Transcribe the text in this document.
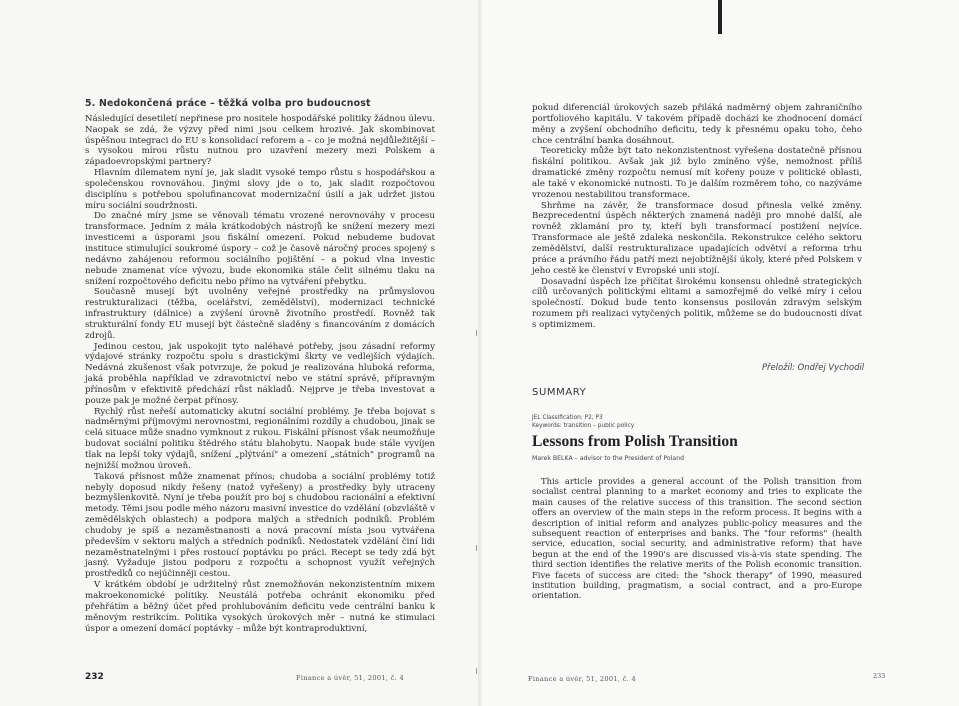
5. Nedokončená práce – těžká volba pro budoucnost

Následující desetiletí nepřinese pro nositele hospodářské politiky žádnou úlevu. Naopak se zdá, že výzvy před nimi jsou celkem hrozivé. Jak skombinovat úspěšnou integraci do EU s konsolidací reforem a – co je možná nejdůležitější – s vysokou mírou růstu nutnou pro uzavření mezery mezi Polskem a západoevropskými partnery?

Hlavním dilematem nyní je, jak sladit vysoké tempo růstu s hospodářskou a společenskou rovnováhou. Jinými slovy jde o to, jak sladit rozpočtovou disciplínu s potřebou spolufinancovat modernizační úsilí a jak udržet jistou míru sociální soudržnosti.

Do značné míry jsme se věnovali tématu vrozené nerovnováhy v procesu transformace. Jedním z mála krátkodobých nástrojů ke snížení mezery mezi investicemi a úsporami jsou fiskální omezení. Pokud nebudeme budovat instituce stimulující soukromé úspory – což je časově náročný proces spojený s nedávno zahájenou reformou sociálního pojištění – a pokud vlna investic nebude znamenat více vývozu, bude ekonomika stále čelit silnému tlaku na snížení rozpočtového deficitu nebo přímo na vytváření přebytku.

Současně musejí být uvolněny veřejné prostředky na průmyslovou restrukturalizaci (těžba, ocelářství, zemědělství), modernizaci technické infrastruktury (dálnice) a zvýšení úrovně životního prostředí. Rovněž tak strukturální fondy EU musejí být částečně sladěny s financováním z domácích zdrojů.

Jedinou cestou, jak uspokojit tyto naléhavé potřeby, jsou zásadní reformy výdajové stránky rozpočtu spolu s drastickými škrty ve vedlejších výdajích. Nedávná zkušenost však potvrzuje, že pokud je realizována hluboká reforma, jaká proběhla například ve zdravotnictví nebo ve státní správě, přípravným přínosům v efektivitě předchází růst nákladů. Nejprve je třeba investovat a pouze pak je možné čerpat přínosy.

Rychlý růst neřeší automaticky akutní sociální problémy. Je třeba bojovat s nadměrnými příjmovými nerovnostmi, regionálními rozdíly a chudobou, jinak se celá situace může snadno vymknout z rukou. Fiskální přísnost však neumožňuje budovat sociální politiku štědrého státu blahobytu. Naopak bude stále vyvíjen tlak na lepší toky výdajů, snížení „plýtvání" a omezení „státních" programů na nejnižší možnou úroveň.

Taková přísnost může znamenat přínos; chudoba a sociální problémy totiž nebyly doposud nikdy řešeny (natož vyřešeny) a prostředky byly utraceny bezmyšlenkovitě. Nyní je třeba použít pro boj s chudobou racionální a efektivní metody. Těmi jsou podle mého názoru masivní investice do vzdělání (obzvláště v zemědělských oblastech) a podpora malých a středních podniků. Problém chudoby je spíš a nezaměstnanosti a nová pracovní místa jsou vytvářena především v sektoru malých a středních podniků. Nedostatek vzdělání činí lidi nezaměstnatelnými i přes rostoucí poptávku po práci. Recept se tedy zdá být jasný. Vyžaduje jistou podporu z rozpočtu a schopnost využít veřejných prostředků co nejúčinněji cestou.

V krátkém období je udržitelný růst znemožňován nekonzistentním mixem makroekonomické politiky. Neustálá potřeba ochránit ekonomiku před přehřátím a běžný účet před prohlubováním deficitu vede centrální banku k měnovým restrikcím. Politika vysokých úrokových měr – nutná ke stimulaci úspor a omezení domácí poptávky – může být kontraproduktivní,

232	Finance a úvěr, 51, 2001, č. 4

pokud diferenciál úrokových sazeb přiláká nadměrný objem zahraničního portfoliového kapitálu. V takovém případě dochází ke zhodnocení domácí měny a zvýšení obchodního deficitu, tedy k přesnému opaku toho, čeho chce centrální banka dosáhnout.

Teoreticky může být tato nekonzistentnost vyřešena dostatečně přísnou fiskální politikou. Avšak jak již bylo zmíněno výše, nemožnost příliš dramatické změny rozpočtu nemusí mít kořeny pouze v politické oblasti, ale také v ekonomické nutnosti. To je dalším rozměrem toho, co nazýváme vrozenou nestabilitou transformace.

Shrňme na závěr, že transformace dosud přinesla velké změny. Bezprecedentní úspěch některých znamená naději pro mnohé další, ale rovněž zklamání pro ty, kteří byli transformací postižení nejvíce. Transformace ale ještě zdaleka neskončila. Rekonstrukce celého sektoru zemědělství, další restrukturalizace upadajících odvětví a reforma trhu práce a právního řádu patří mezi nejobtížnější úkoly, které před Polskem v jeho cestě ke členství v Evropské unii stojí.

Dosavadní úspěch lze přičítat širokému konsensu ohledně strategických cílů určovaných politickými elitami a samozřejmě do velké míry i celou společností. Dokud bude tento konsensus posilován zdravým selským rozumem při realizaci vytyčených politik, můžeme se do budoucnosti dívat s optimizmem.

Přeložil: Ondřej Vychodil
SUMMARY
JEL Classification: P2, P3
Keywords: transition – public policy
Lessons from Polish Transition
Marek BELKA – advisor to the President of Poland

This article provides a general account of the Polish transition from socialist central planning to a market economy and tries to explicate the main causes of the relative success of this transition. The second section offers an overview of the main steps in the reform process. It begins with a description of initial reform and analyzes public-policy measures and the subsequent reaction of enterprises and banks. The "four reforms" (health service, education, social security, and administrative reform) that have begun at the end of the 1990's are discussed vis-à-vis state spending. The third section identifies the relative merits of the Polish economic transition. Five facets of success are cited: the "shock therapy" of 1990, measured institution building, pragmatism, a social contract, and a pro-Europe orientation.

Finance a úvěr, 51, 2001, č. 4	233
